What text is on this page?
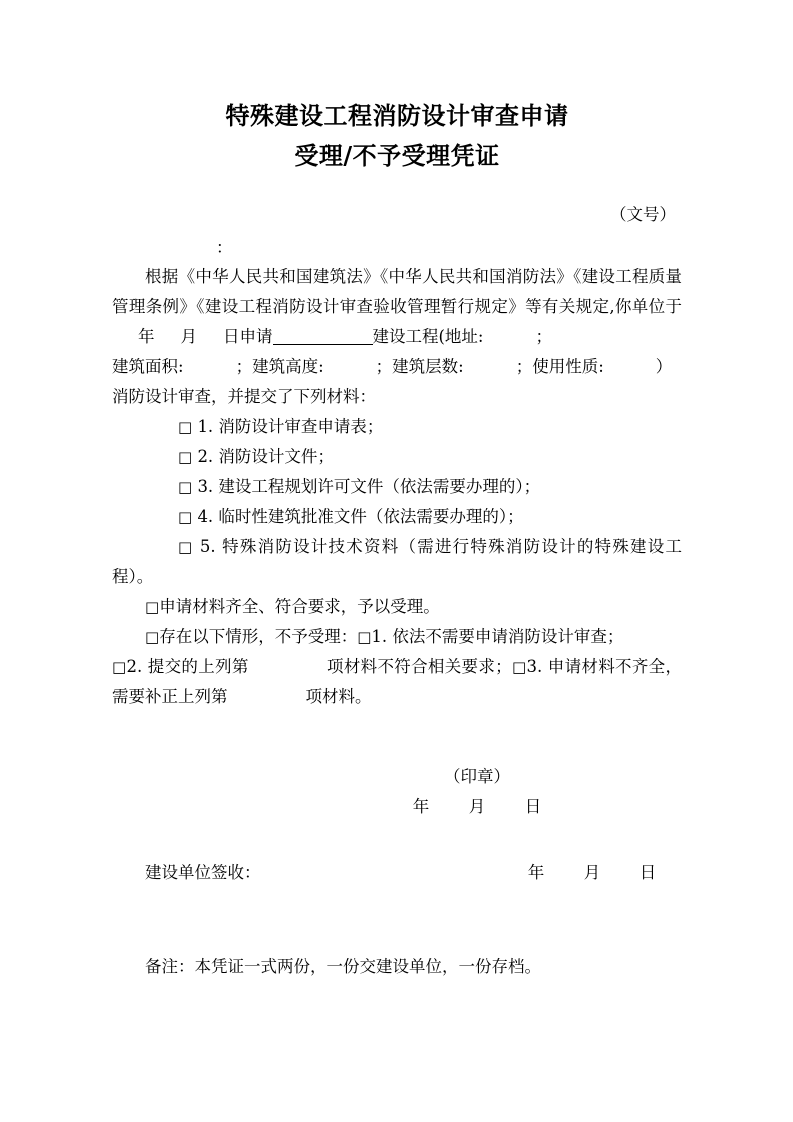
特殊建设工程消防设计审查申请
受理/不予受理凭证
（文号）
：

根据《中华人民共和国建筑法》《中华人民共和国消防法》《建设工程质量管理条例》《建设工程消防设计审查验收管理暂行规定》等有关规定,你单位于年 月 日申请	建设工程(地址:	；
建筑面积:	；建筑高度:	；建筑层数:	；使用性质:	）
消防设计审查，并提交了下列材料：

□ 1. 消防设计审查申请表；
□ 2. 消防设计文件；
□ 3. 建设工程规划许可文件（依法需要办理的）；
□ 4. 临时性建筑批准文件（依法需要办理的）；

□ 5. 特殊消防设计技术资料（需进行特殊消防设计的特殊建设工程）。

□申请材料齐全、符合要求，予以受理。

□存在以下情形，不予受理：□1. 依法不需要申请消防设计审查；
□2. 提交的上列第	项材料不符合相关要求；□3. 申请材料不齐全，需要补正上列第	项材料。

（印章）
年 月 日
建设单位签收：	年 月 日
备注：本凭证一式两份，一份交建设单位，一份存档。
